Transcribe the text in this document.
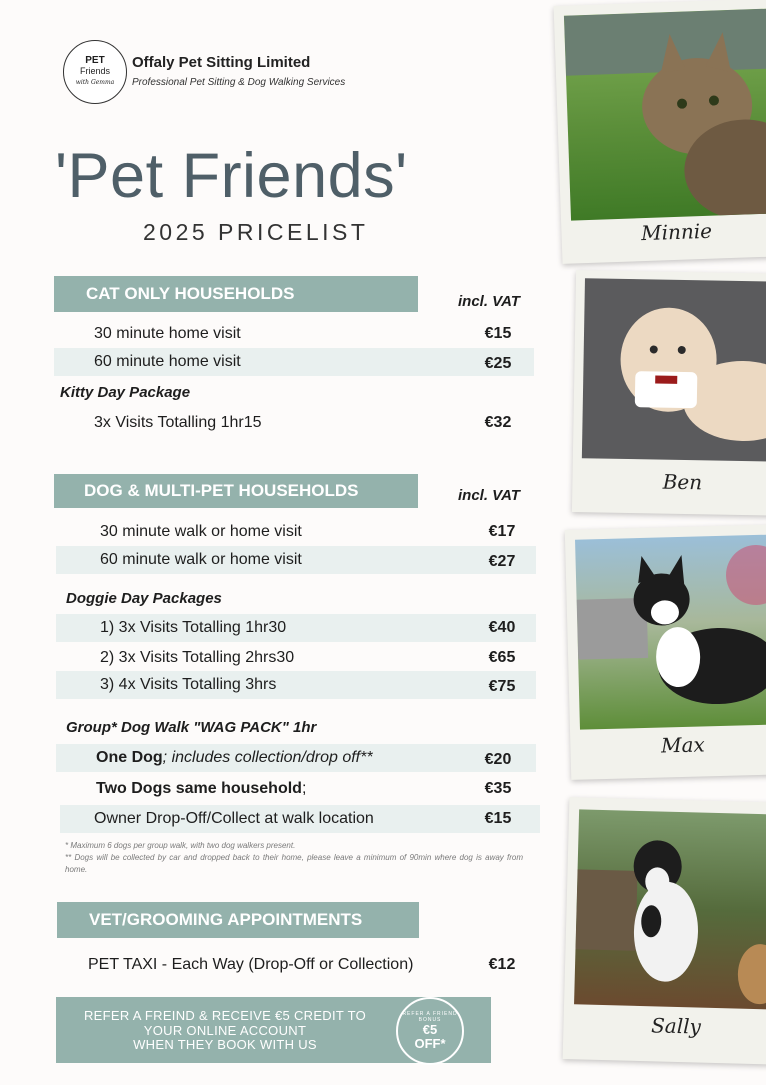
PET
Friends
with Gemma
Offaly Pet Sitting Limited
Professional Pet Sitting & Dog Walking Services
'Pet Friends'
2025 PRICELIST
CAT ONLY HOUSEHOLDS	incl. VAT
30 minute home visit	€15
60 minute home visit	€25
Kitty Day Package
3x Visits Totalling 1hr15	€32
DOG & MULTI-PET HOUSEHOLDS	incl. VAT
30 minute walk or home visit	€17
60 minute walk or home visit	€27
Doggie Day Packages
1) 3x Visits Totalling 1hr30	€40
2) 3x Visits Totalling 2hrs30	€65
3) 4x Visits Totalling 3hrs	€75
Group* Dog Walk "WAG PACK" 1hr
One Dog ; includes collection/drop off**	€20
Two Dogs same household ;	€35
Owner Drop-Off/Collect at walk location	€15
* Maximum 6 dogs per group walk, with two dog walkers present.
** Dogs will be collected by car and dropped back to their home, please leave a minimum of 90min where dog is away from home.
VET/GROOMING APPOINTMENTS
PET TAXI - Each Way (Drop-Off or Collection)	€12
REFER A FREIND & RECEIVE €5 CREDIT TO
YOUR ONLINE ACCOUNT
WHEN THEY BOOK WITH US
REFER A FRIEND BONUS
€5
OFF*
Minnie
Ben
Max
Sally
